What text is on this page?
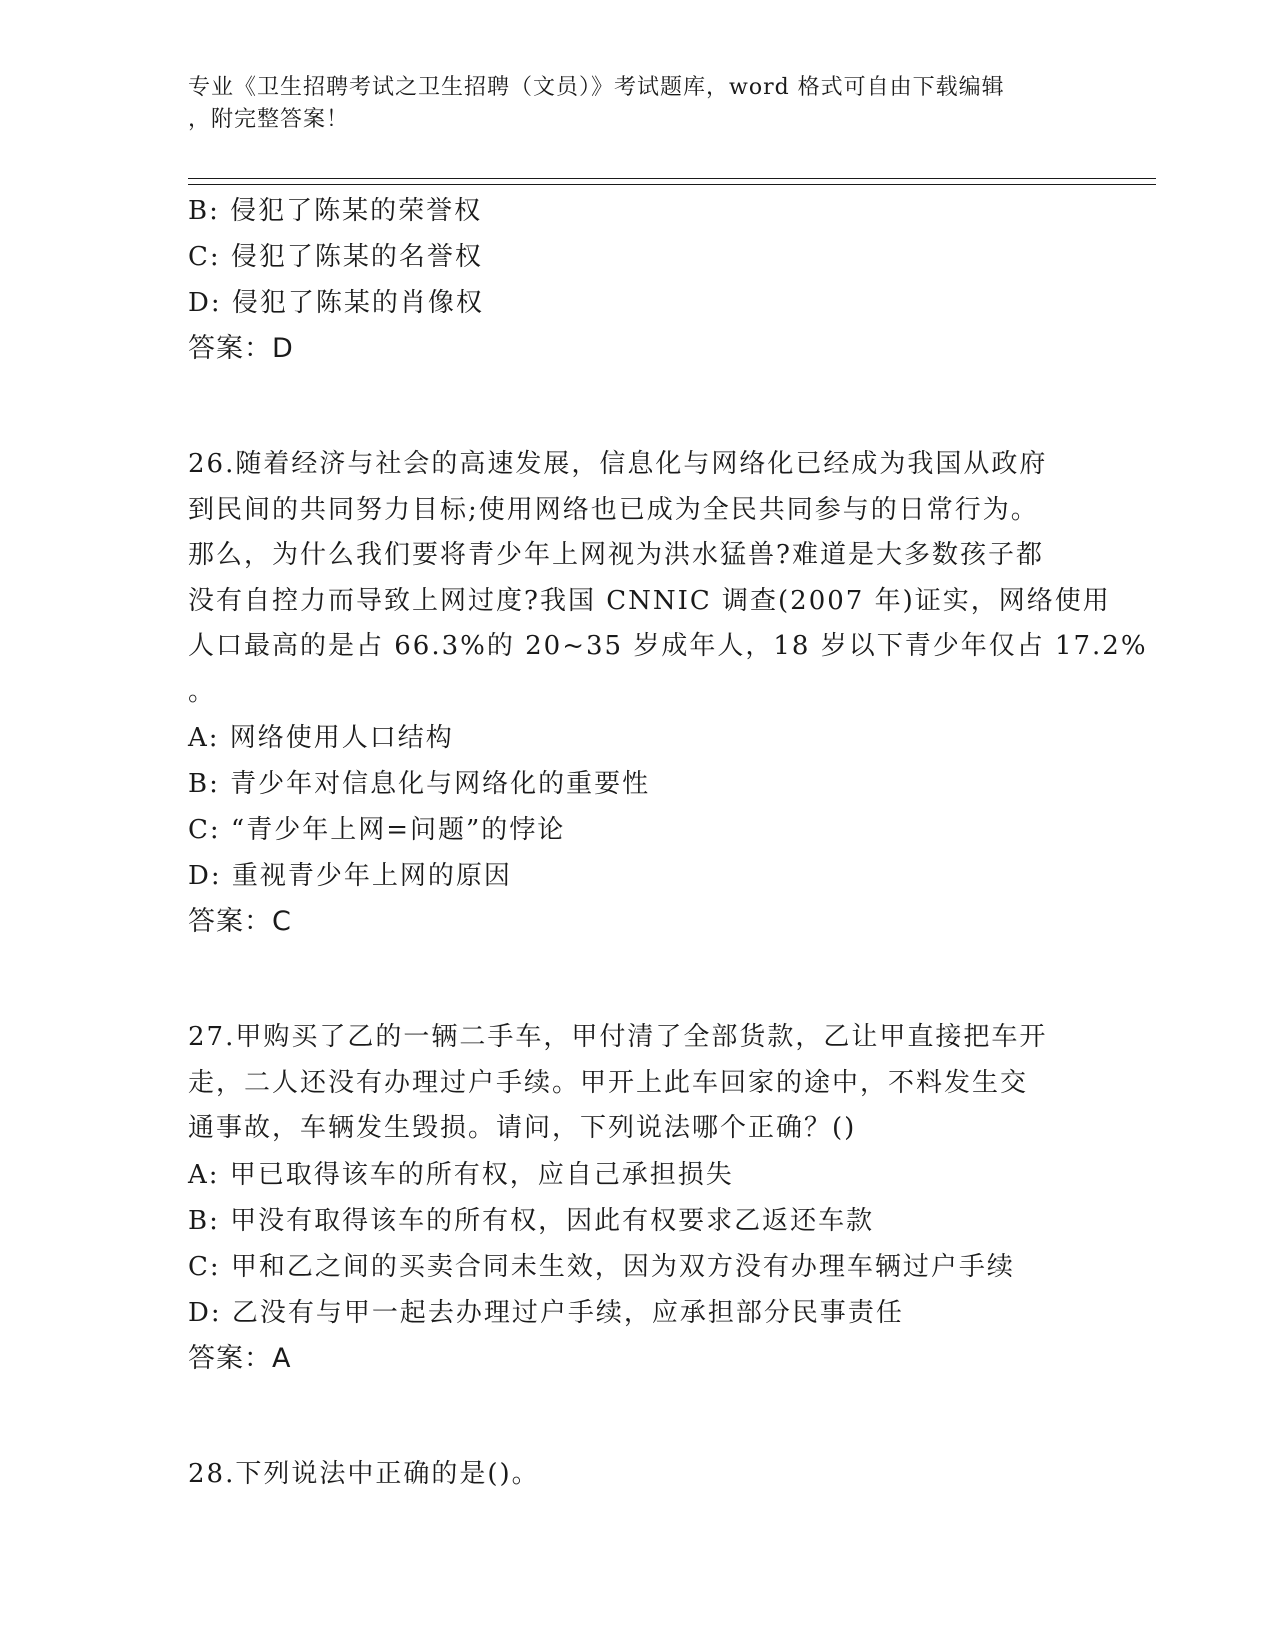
专业《卫生招聘考试之卫生招聘（文员）》考试题库，word 格式可自由下载编辑
，附完整答案！
B: 侵犯了陈某的荣誉权
C: 侵犯了陈某的名誉权
D: 侵犯了陈某的肖像权
答案：D
26.随着经济与社会的高速发展，信息化与网络化已经成为我国从政府
到民间的共同努力目标;使用网络也已成为全民共同参与的日常行为。
那么，为什么我们要将青少年上网视为洪水猛兽?难道是大多数孩子都
没有自控力而导致上网过度?我国 CNNIC 调查(2007 年)证实，网络使用
人口最高的是占 66.3%的 20~35 岁成年人，18 岁以下青少年仅占 17.2%
。
A: 网络使用人口结构
B: 青少年对信息化与网络化的重要性
C: “青少年上网=问题”的悖论
D: 重视青少年上网的原因
答案：C
27.甲购买了乙的一辆二手车，甲付清了全部货款，乙让甲直接把车开
走，二人还没有办理过户手续。甲开上此车回家的途中，不料发生交
通事故，车辆发生毁损。请问，下列说法哪个正确？()
A: 甲已取得该车的所有权，应自己承担损失
B: 甲没有取得该车的所有权，因此有权要求乙返还车款
C: 甲和乙之间的买卖合同未生效，因为双方没有办理车辆过户手续
D: 乙没有与甲一起去办理过户手续，应承担部分民事责任
答案：A
28.下列说法中正确的是()。
